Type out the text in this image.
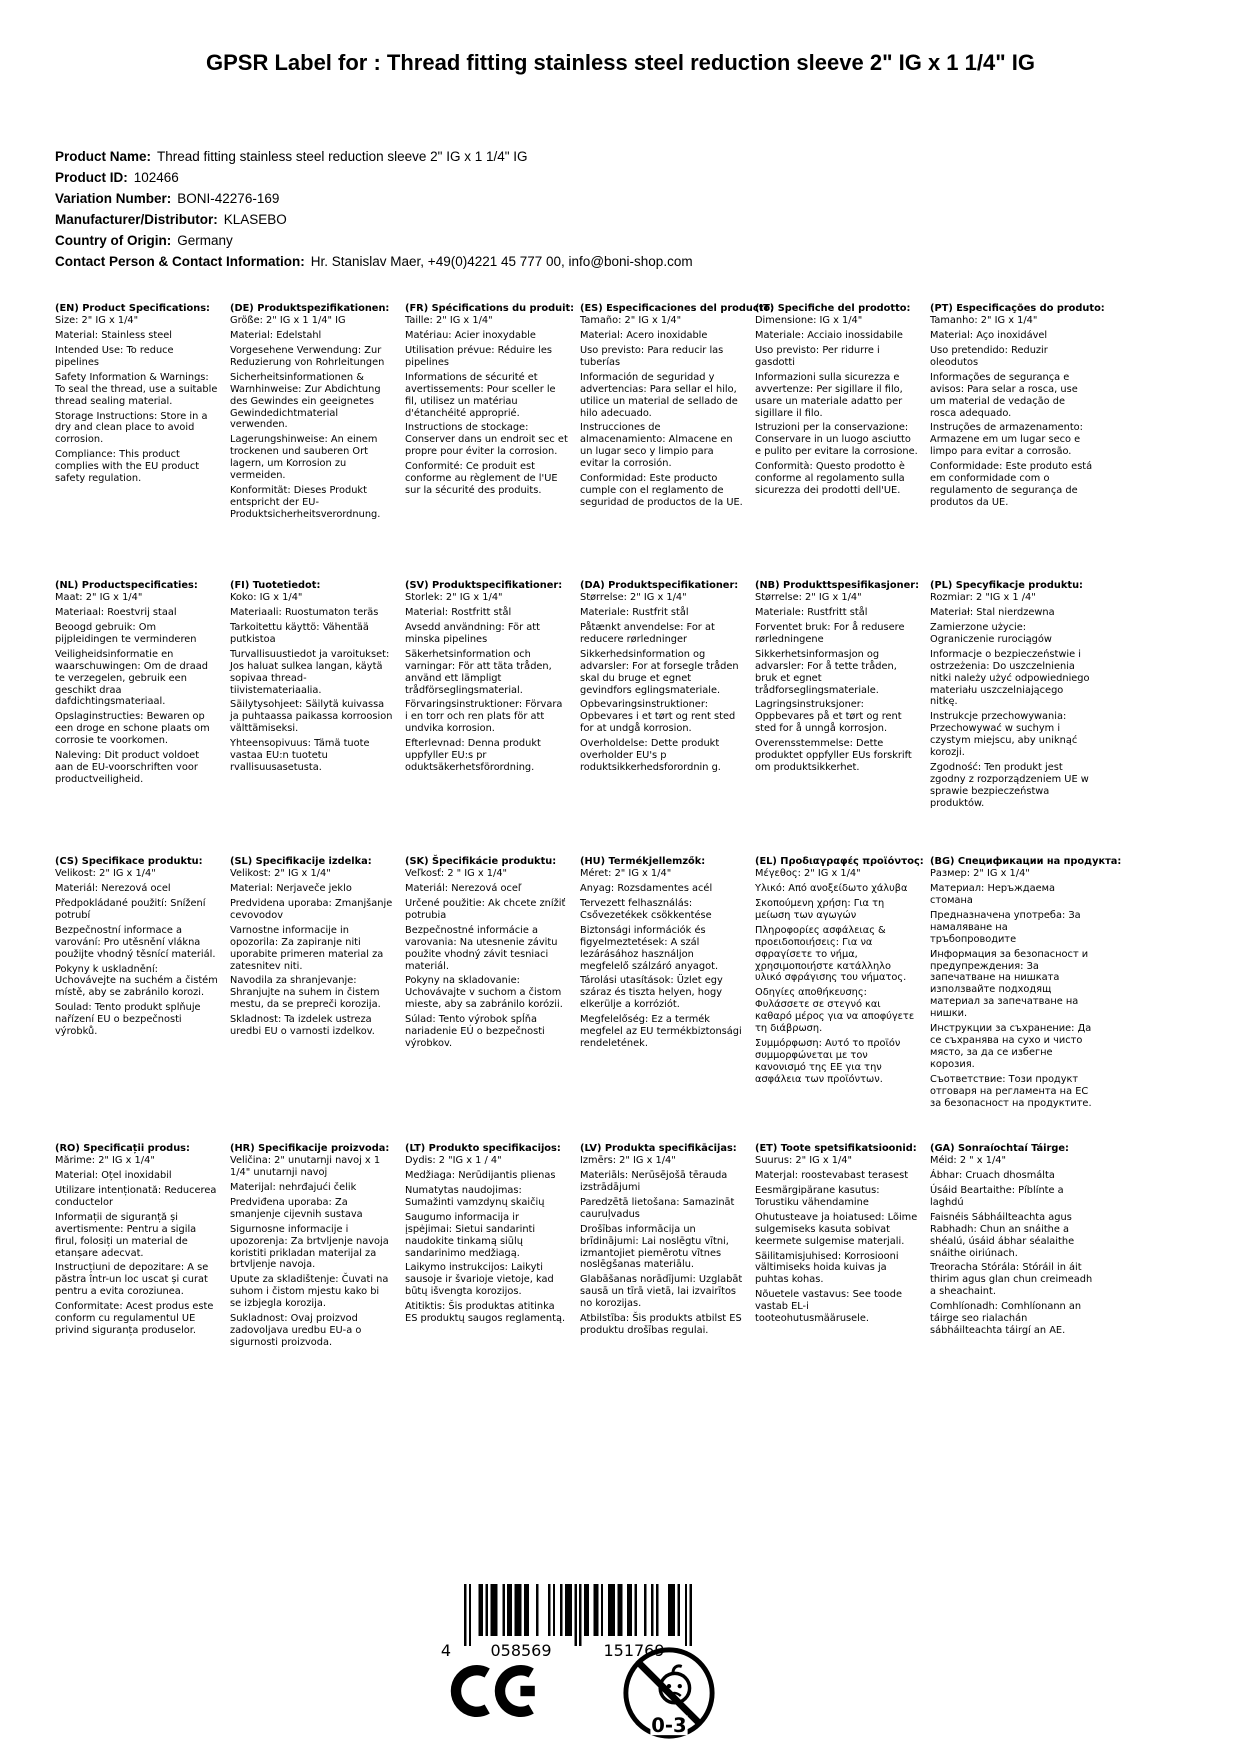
GPSR Label for : Thread fitting stainless steel reduction sleeve 2" IG x 1 1/4" IG
Product Name: Thread fitting stainless steel reduction sleeve 2" IG x 1 1/4" IG
Product ID: 102466
Variation Number: BONI-42276-169
Manufacturer/Distributor: KLASEBO
Country of Origin: Germany
Contact Person & Contact Information: Hr. Stanislav Maer, +49(0)4221 45 777 00, info@boni-shop.com
(EN) Product Specifications:
Size: 2" IG x 1/4"
Material: Stainless steel
Intended Use: To reduce pipelines
Safety Information & Warnings: To seal the thread, use a suitable thread sealing material.
Storage Instructions: Store in a dry and clean place to avoid corrosion.
Compliance: This product complies with the EU product safety regulation.
(DE) Produktspezifikationen:
Größe: 2" IG x 1 1/4" IG
Material: Edelstahl
Vorgesehene Verwendung: Zur Reduzierung von Rohrleitungen
Sicherheitsinformationen & Warnhinweise: Zur Abdichtung des Gewindes ein geeignetes Gewindedichtmaterial verwenden.
Lagerungshinweise: An einem trockenen und sauberen Ort lagern, um Korrosion zu vermeiden.
Konformität: Dieses Produkt entspricht der EU-Produktsicherheitsverordnung.
(FR) Spécifications du produit:
Taille: 2" IG x 1/4"
Matériau: Acier inoxydable
Utilisation prévue: Réduire les pipelines
Informations de sécurité et avertissements: Pour sceller le fil, utilisez un matériau d'étanchéité approprié.
Instructions de stockage: Conserver dans un endroit sec et propre pour éviter la corrosion.
Conformité: Ce produit est conforme au règlement de l'UE sur la sécurité des produits.
(ES) Especificaciones del producto:
Tamaño: 2" IG x 1/4"
Material: Acero inoxidable
Uso previsto: Para reducir las tuberías
Información de seguridad y advertencias: Para sellar el hilo, utilice un material de sellado de hilo adecuado.
Instrucciones de almacenamiento: Almacene en un lugar seco y limpio para evitar la corrosión.
Conformidad: Este producto cumple con el reglamento de seguridad de productos de la UE.
(IT) Specifiche del prodotto:
Dimensione: IG x 1/4"
Materiale: Acciaio inossidabile
Uso previsto: Per ridurre i gasdotti
Informazioni sulla sicurezza e avvertenze: Per sigillare il filo, usare un materiale adatto per sigillare il filo.
Istruzioni per la conservazione: Conservare in un luogo asciutto e pulito per evitare la corrosione.
Conformità: Questo prodotto è conforme al regolamento sulla sicurezza dei prodotti dell'UE.
(PT) Especificações do produto:
Tamanho: 2" IG x 1/4"
Material: Aço inoxidável
Uso pretendido: Reduzir oleodutos
Informações de segurança e avisos: Para selar a rosca, use um material de vedação de rosca adequado.
Instruções de armazenamento: Armazene em um lugar seco e limpo para evitar a corrosão.
Conformidade: Este produto está em conformidade com o regulamento de segurança de produtos da UE.
(NL) Productspecificaties:
Maat: 2" IG x 1/4"
Materiaal: Roestvrij staal
Beoogd gebruik: Om pijpleidingen te verminderen
Veiligheidsinformatie en waarschuwingen: Om de draad te verzegelen, gebruik een geschikt draa dafdichtingsmateriaal.
Opslaginstructies: Bewaren op een droge en schone plaats om corrosie te voorkomen.
Naleving: Dit product voldoet aan de EU-voorschriften voor productveiligheid.
(FI) Tuotetiedot:
Koko: IG x 1/4"
Materiaali: Ruostumaton teräs
Tarkoitettu käyttö: Vähentää putkistoa
Turvallisuustiedot ja varoitukset: Jos haluat sulkea langan, käytä sopivaa thread-tiivistemateriaalia.
Säilytysohjeet: Säilytä kuivassa ja puhtaassa paikassa korroosion välttämiseksi.
Yhteensopivuus: Tämä tuote vastaa EU:n tuotetu rvallisuusasetusta.
(SV) Produktspecifikationer:
Storlek: 2" IG x 1/4"
Material: Rostfritt stål
Avsedd användning: För att minska pipelines
Säkerhetsinformation och varningar: För att täta tråden, använd ett lämpligt trådförseglingsmaterial.
Förvaringsinstruktioner: Förvara i en torr och ren plats för att undvika korrosion.
Efterlevnad: Denna produkt uppfyller EU:s pr oduktsäkerhetsförordning.
(DA) Produktspecifikationer:
Størrelse: 2" IG x 1/4"
Materiale: Rustfrit stål
Påtænkt anvendelse: For at reducere rørledninger
Sikkerhedsinformation og advarsler: For at forsegle tråden skal du bruge et egnet gevindfors eglingsmateriale.
Opbevaringsinstruktioner: Opbevares i et tørt og rent sted for at undgå korrosion.
Overholdelse: Dette produkt overholder EU's p roduktsikkerhedsforordnin g.
(NB) Produkttspesifikasjoner:
Størrelse: 2" IG x 1/4"
Materiale: Rustfritt stål
Forventet bruk: For å redusere rørledningene
Sikkerhetsinformasjon og advarsler: For å tette tråden, bruk et egnet trådforseglingsmateriale.
Lagringsinstruksjoner: Oppbevares på et tørt og rent sted for å unngå korrosjon.
Overensstemmelse: Dette produktet oppfyller EUs forskrift om produktsikkerhet.
(PL) Specyfikacje produktu:
Rozmiar: 2 "IG x 1 /4"
Materiał: Stal nierdzewna
Zamierzone użycie: Ograniczenie rurociągów
Informacje o bezpieczeństwie i ostrzeżenia: Do uszczelnienia nitki należy użyć odpowiedniego materiału uszczelniającego nitkę.
Instrukcje przechowywania: Przechowywać w suchym i czystym miejscu, aby uniknąć korozji.
Zgodność: Ten produkt jest zgodny z rozporządzeniem UE w sprawie bezpieczeństwa produktów.
(CS) Specifikace produktu:
Velikost: 2" IG x 1/4"
Materiál: Nerezová ocel
Předpokládané použití: Snížení potrubí
Bezpečnostní informace a varování: Pro utěsnění vlákna použijte vhodný těsnící materiál.
Pokyny k uskladnění: Uchovávejte na suchém a čistém místě, aby se zabránilo korozi.
Soulad: Tento produkt splňuje nařízení EU o bezpečnosti výrobků.
(SL) Specifikacije izdelka:
Velikost: 2" IG x 1/4"
Material: Nerjaveče jeklo
Predvidena uporaba: Zmanjšanje cevovodov
Varnostne informacije in opozorila: Za zapiranje niti uporabite primeren material za zatesnitev niti.
Navodila za shranjevanje: Shranjujte na suhem in čistem mestu, da se prepreči korozija.
Skladnost: Ta izdelek ustreza uredbi EU o varnosti izdelkov.
(SK) Špecifikácie produktu:
Veľkosť: 2 " IG x 1/4"
Materiál: Nerezová oceľ
Určené použitie: Ak chcete znížiť potrubia
Bezpečnostné informácie a varovania: Na utesnenie závitu použite vhodný závit tesniaci materiál.
Pokyny na skladovanie: Uchovávajte v suchom a čistom mieste, aby sa zabránilo korózii.
Súlad: Tento výrobok spĺňa nariadenie EÚ o bezpečnosti výrobkov.
(HU) Termékjellemzők:
Méret: 2" IG x 1/4"
Anyag: Rozsdamentes acél
Tervezett felhasználás: Csővezetékek csökkentése
Biztonsági információk és figyelmeztetések: A szál lezárásához használjon megfelelő szálzáró anyagot.
Tárolási utasítások: Üzlet egy száraz és tiszta helyen, hogy elkerülje a korróziót.
Megfelelőség: Ez a termék megfelel az EU termékbiztonsági rendeletének.
(EL) Προδιαγραφές προϊόντος:
Μέγεθος: 2" IG x 1/4"
Υλικό: Από ανοξείδωτο χάλυβα
Σκοπούμενη χρήση: Για τη μείωση των αγωγών
Πληροφορίες ασφάλειας & προειδοποιήσεις: Για να σφραγίσετε το νήμα, χρησιμοποιήστε κατάλληλο υλικό σφράγισης του νήματος.
Οδηγίες αποθήκευσης: Φυλάσσετε σε στεγνό και καθαρό μέρος για να αποφύγετε τη διάβρωση.
Συμμόρφωση: Αυτό το προϊόν συμμορφώνεται με τον κανονισμό της ΕΕ για την ασφάλεια των προϊόντων.
(BG) Спецификации на продукта:
Размер: 2" IG x 1/4"
Материал: Неръждаема стомана
Предназначена употреба: За намаляване на тръбопроводите
Информация за безопасност и предупреждения: За запечатване на нишката използвайте подходящ материал за запечатване на нишки.
Инструкции за съхранение: Да се съхранява на сухо и чисто място, за да се избегне корозия.
Съответствие: Този продукт отговаря на регламента на ЕС за безопасност на продуктите.
(RO) Specificații produs:
Mărime: 2" IG x 1/4"
Material: Oțel inoxidabil
Utilizare intenționată: Reducerea conductelor
Informații de siguranță și avertismente: Pentru a sigila firul, folosiți un material de etanșare adecvat.
Instrucțiuni de depozitare: A se păstra într-un loc uscat și curat pentru a evita coroziunea.
Conformitate: Acest produs este conform cu regulamentul UE privind siguranța produselor.
(HR) Specifikacije proizvoda:
Veličina: 2" unutarnji navoj x 1 1/4" unutarnji navoj
Materijal: nehrđajući čelik
Predviđena uporaba: Za smanjenje cijevnih sustava
Sigurnosne informacije i upozorenja: Za brtvljenje navoja koristiti prikladan materijal za brtvljenje navoja.
Upute za skladištenje: Čuvati na suhom i čistom mjestu kako bi se izbjegla korozija.
Sukladnost: Ovaj proizvod zadovoljava uredbu EU-a o sigurnosti proizvoda.
(LT) Produkto specifikacijos:
Dydis: 2 "IG x 1 / 4"
Medžiaga: Nerūdijantis plienas
Numatytas naudojimas: Sumažinti vamzdynų skaičių
Saugumo informacija ir įspėjimai: Sietui sandarinti naudokite tinkamą siūlų sandarinimo medžiagą.
Laikymo instrukcijos: Laikyti sausoje ir švarioje vietoje, kad būtų išvengta korozijos.
Atitiktis: Šis produktas atitinka ES produktų saugos reglamentą.
(LV) Produkta specifikācijas:
Izmērs: 2" IG x 1/4"
Materiāls: Nerūsējošā tērauda izstrādājumi
Paredzētā lietošana: Samazināt cauruļvadus
Drošības informācija un brīdinājumi: Lai noslēgtu vītni, izmantojiet piemērotu vītnes noslēgšanas materiālu.
Glabāšanas norādījumi: Uzglabāt sausā un tīrā vietā, lai izvairītos no korozijas.
Atbilstība: Šis produkts atbilst ES produktu drošības regulai.
(ET) Toote spetsifikatsioonid:
Suurus: 2" IG x 1/4"
Materjal: roostevabast terasest
Eesmärgipärane kasutus: Torustiku vähendamine
Ohutusteave ja hoiatused: Lõime sulgemiseks kasuta sobivat keermete sulgemise materjali.
Säilitamisjuhised: Korrosiooni vältimiseks hoida kuivas ja puhtas kohas.
Nõuetele vastavus: See toode vastab EL-i tooteohutusmäärusele.
(GA) Sonraíochtaí Táirge:
Méid: 2 " x 1/4"
Ábhar: Cruach dhosmálta
Úsáid Beartaithe: Píblínte a laghdú
Faisnéis Sábháilteachta agus Rabhadh: Chun an snáithe a shéalú, úsáid ábhar séalaithe snáithe oiriúnach.
Treoracha Stórála: Stóráil in áit thirim agus glan chun creimeadh a sheachaint.
Comhlíonadh: Comhlíonann an táirge seo rialachán sábháilteachta táirgí an AE.
4 058569	151769
0-3
